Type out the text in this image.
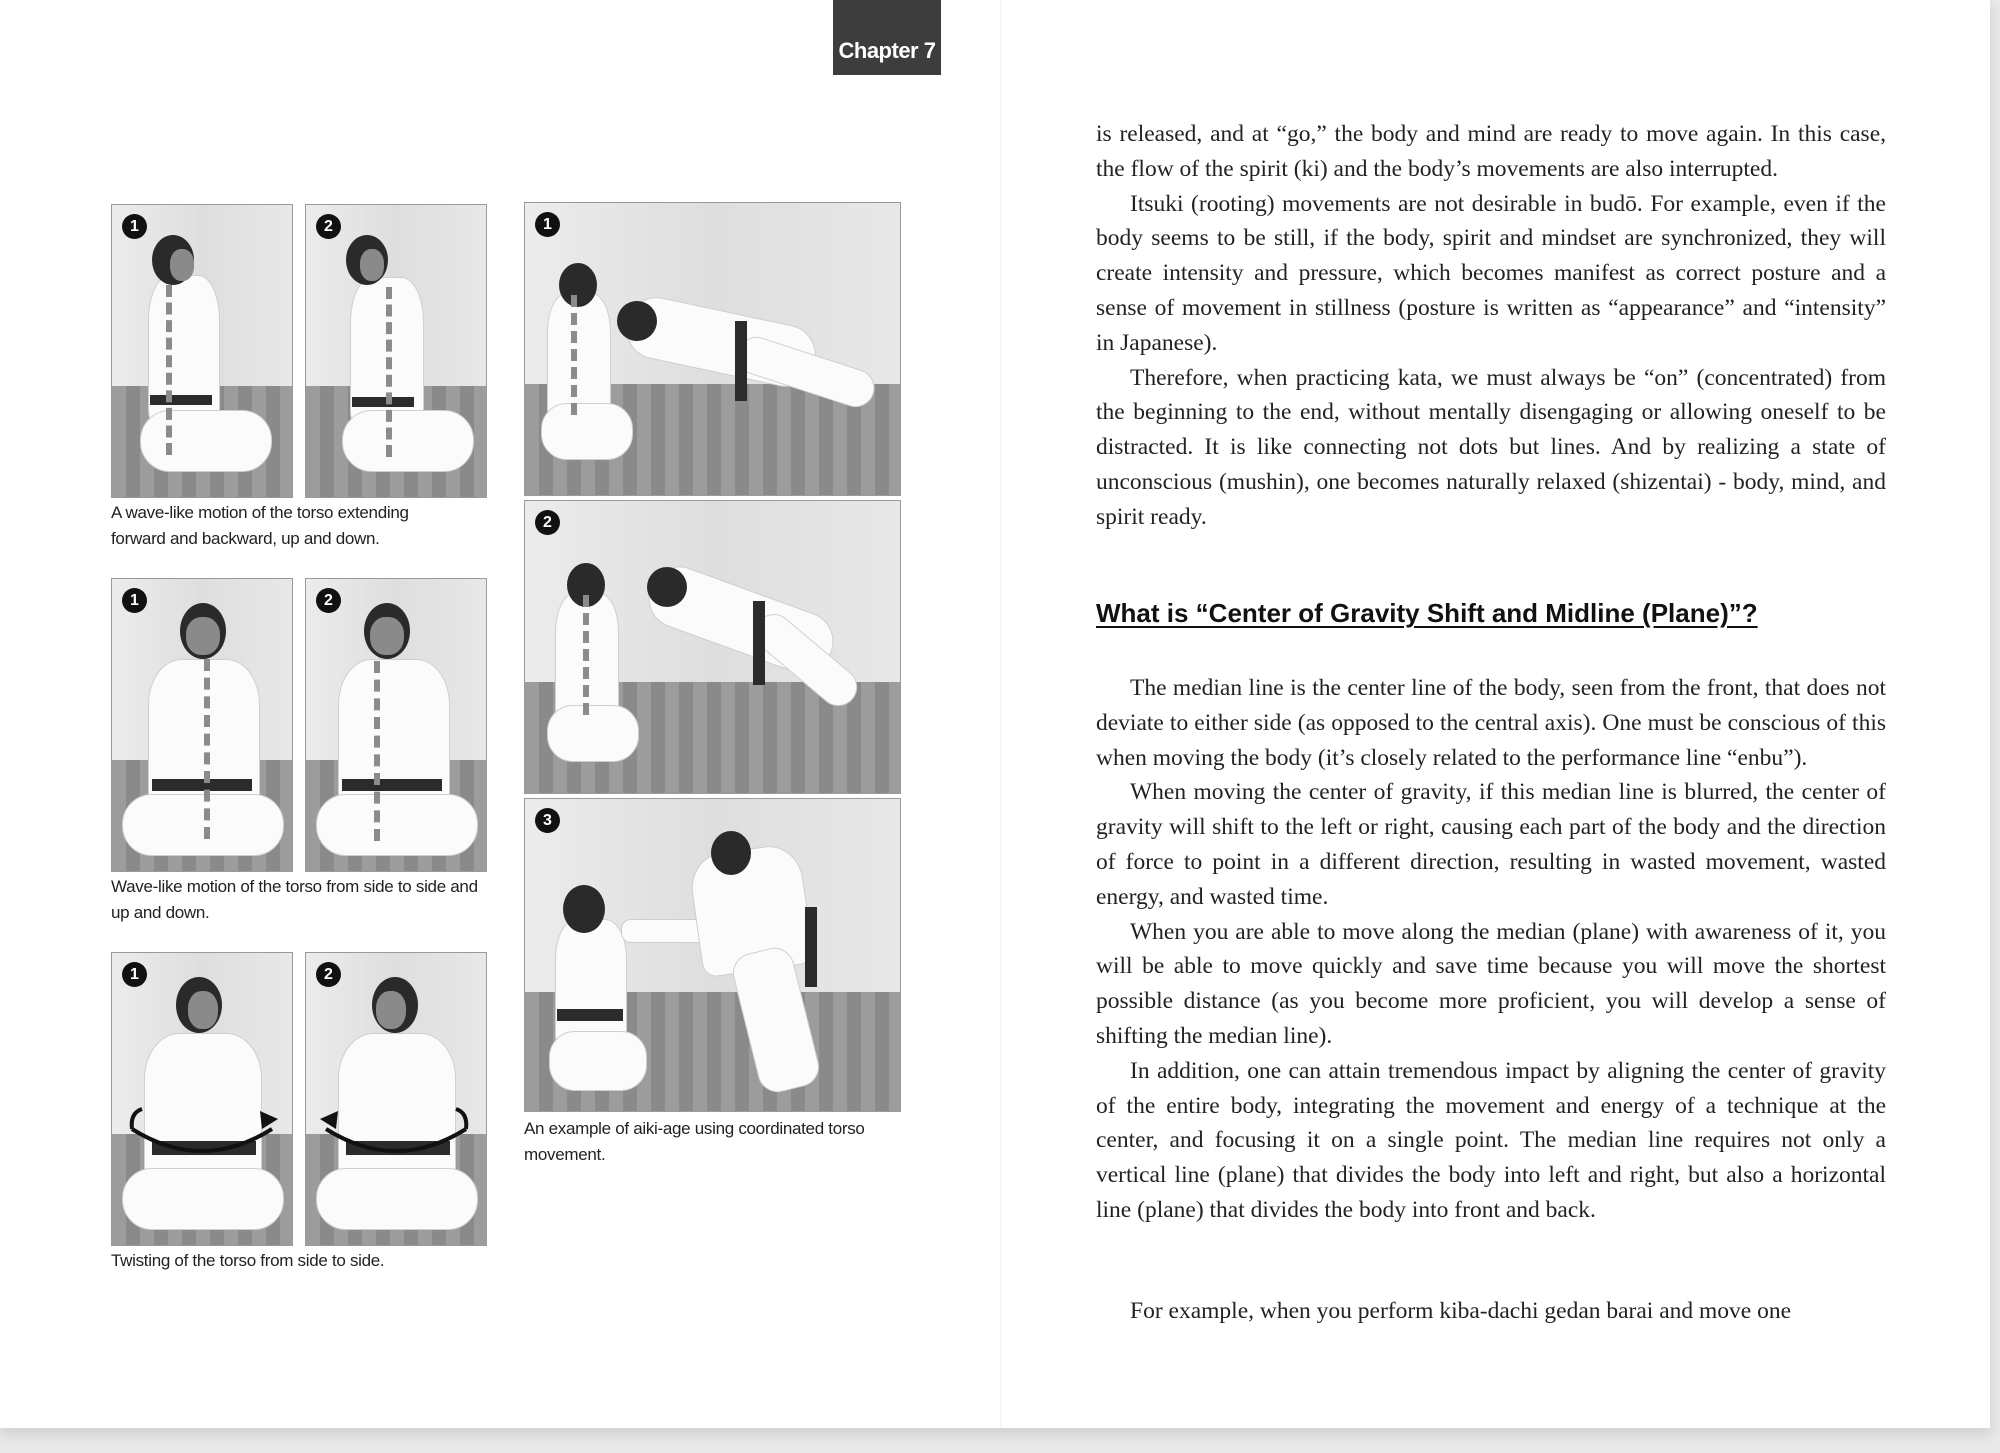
Chapter 7
1	2
A wave-like motion of the torso extending forward and backward, up and down.
1	2
Wave-like motion of the torso from side to side and up and down.
1	2
Twisting of the torso from side to side.
1
2
3
An example of aiki-age using coordinated torso movement.

is released, and at “go,” the body and mind are ready to move again. In this case, the flow of the spirit (ki) and the body’s movements are also interrupted.

Itsuki (rooting) movements are not desirable in budō. For example, even if the body seems to be still, if the body, spirit and mindset are synchronized, they will create intensity and pressure, which becomes manifest as correct posture and a sense of movement in stillness (posture is written as “appearance” and “intensity” in Japanese).

Therefore, when practicing kata, we must always be “on” (concentrated) from the beginning to the end, without mentally disengaging or allowing oneself to be distracted. It is like connecting not dots but lines. And by realizing a state of unconscious (mushin), one becomes naturally relaxed (shizentai) - body, mind, and spirit ready.

What is “Center of Gravity Shift and Midline (Plane)”?

The median line is the center line of the body, seen from the front, that does not deviate to either side (as opposed to the central axis). One must be conscious of this when moving the body (it’s closely related to the performance line “enbu”).

When moving the center of gravity, if this median line is blurred, the center of gravity will shift to the left or right, causing each part of the body and the direction of force to point in a different direction, resulting in wasted movement, wasted energy, and wasted time.

When you are able to move along the median (plane) with awareness of it, you will be able to move quickly and save time because you will move the shortest possible distance (as you become more proficient, you will develop a sense of shifting the median line).

In addition, one can attain tremendous impact by aligning the center of gravity of the entire body, integrating the movement and energy of a technique at the center, and focusing it on a single point. The median line requires not only a vertical line (plane) that divides the body into left and right, but also a horizontal line (plane) that divides the body into front and back.

For example, when you perform kiba-dachi gedan barai and move one
